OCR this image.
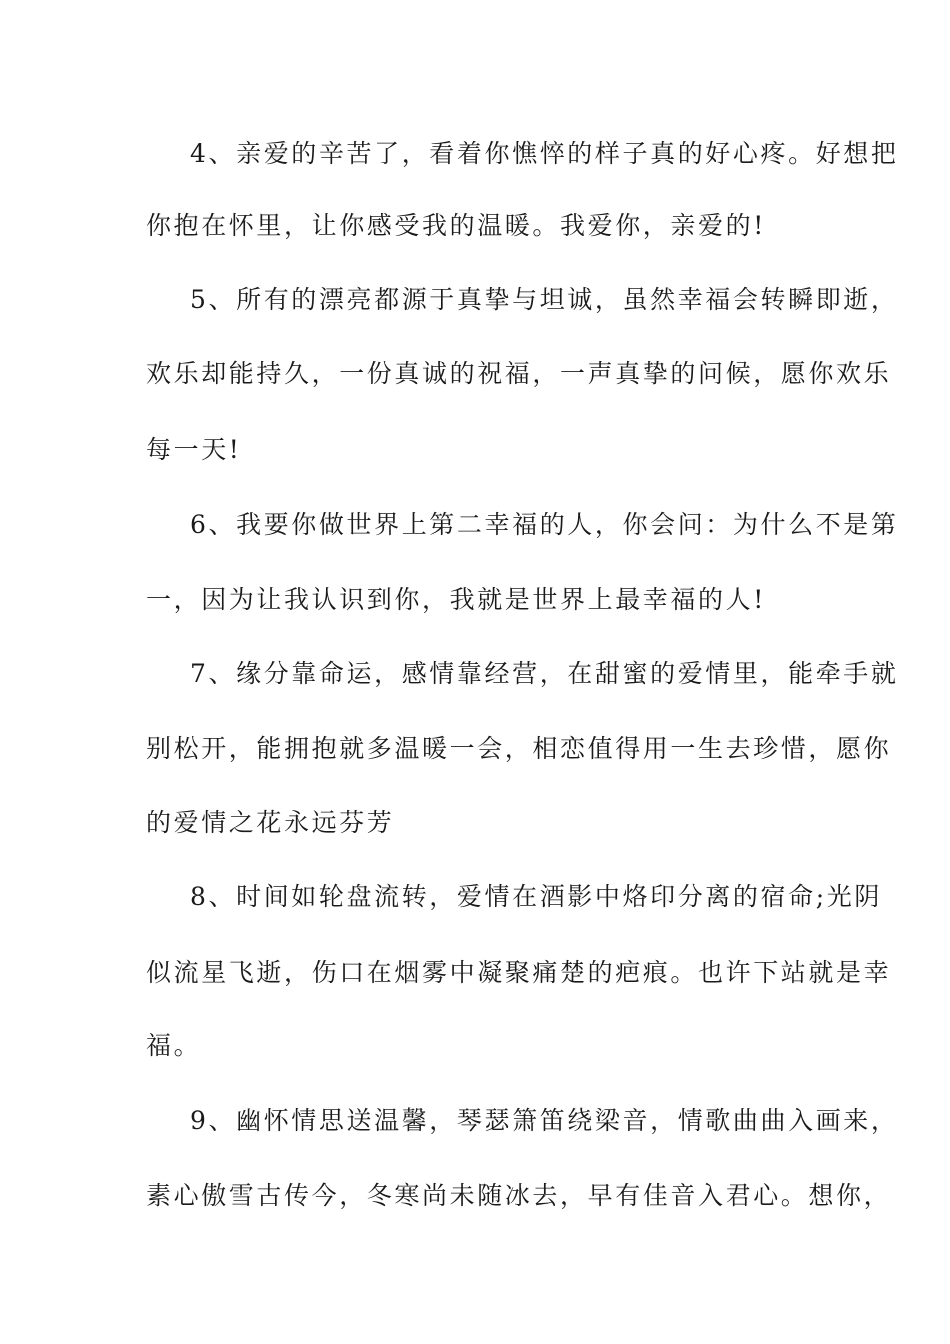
4、亲爱的辛苦了，看着你憔悴的样子真的好心疼。好想把
你抱在怀里，让你感受我的温暖。我爱你，亲爱的!
5、所有的漂亮都源于真挚与坦诚，虽然幸福会转瞬即逝，
欢乐却能持久，一份真诚的祝福，一声真挚的问候，愿你欢乐
每一天!
6、我要你做世界上第二幸福的人，你会问：为什么不是第
一，因为让我认识到你，我就是世界上最幸福的人!
7、缘分靠命运，感情靠经营，在甜蜜的爱情里，能牵手就
别松开，能拥抱就多温暖一会，相恋值得用一生去珍惜，愿你
的爱情之花永远芬芳
8、时间如轮盘流转，爱情在酒影中烙印分离的宿命;光阴
似流星飞逝，伤口在烟雾中凝聚痛楚的疤痕。也许下站就是幸
福。
9、幽怀情思送温馨，琴瑟箫笛绕梁音，情歌曲曲入画来，
素心傲雪古传今，冬寒尚未随冰去，早有佳音入君心。想你，
